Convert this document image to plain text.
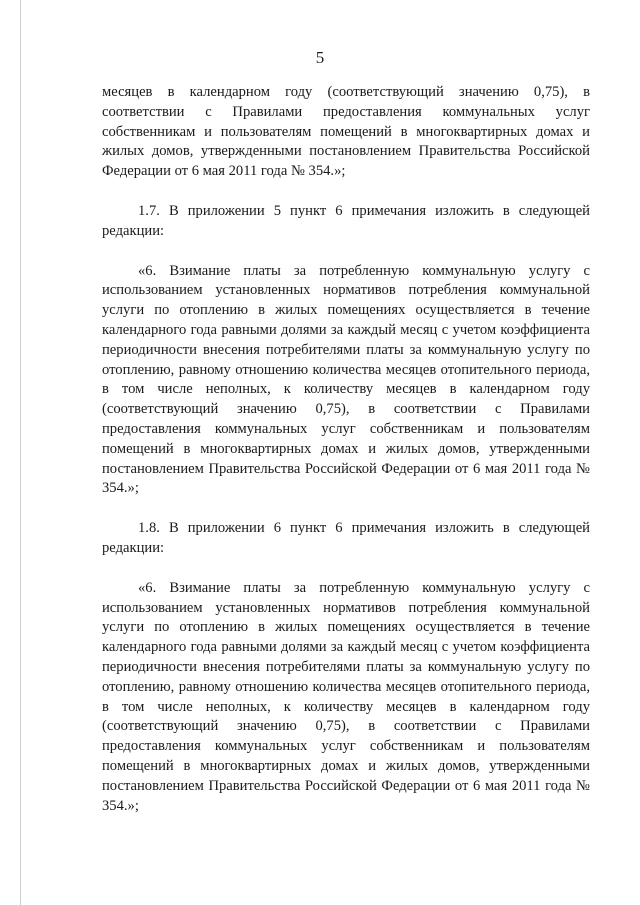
5

месяцев в календарном году (соответствующий значению 0,75), в соответствии с Правилами предоставления коммунальных услуг собственникам и пользователям помещений в многоквартирных домах и жилых домов, утвержденными постановлением Правительства Российской Федерации от 6 мая 2011 года № 354.»;

1.7. В приложении 5 пункт 6 примечания изложить в следующей редакции:

«6. Взимание платы за потребленную коммунальную услугу с использованием установленных нормативов потребления коммунальной услуги по отоплению в жилых помещениях осуществляется в течение календарного года равными долями за каждый месяц с учетом коэффициента периодичности внесения потребителями платы за коммунальную услугу по отоплению, равному отношению количества месяцев отопительного периода, в том числе неполных, к количеству месяцев в календарном году (соответствующий значению 0,75), в соответствии с Правилами предоставления коммунальных услуг собственникам и пользователям помещений в многоквартирных домах и жилых домов, утвержденными постановлением Правительства Российской Федерации от 6 мая 2011 года № 354.»;

1.8. В приложении 6 пункт 6 примечания изложить в следующей редакции:

«6. Взимание платы за потребленную коммунальную услугу с использованием установленных нормативов потребления коммунальной услуги по отоплению в жилых помещениях осуществляется в течение календарного года равными долями за каждый месяц с учетом коэффициента периодичности внесения потребителями платы за коммунальную услугу по отоплению, равному отношению количества месяцев отопительного периода, в том числе неполных, к количеству месяцев в календарном году (соответствующий значению 0,75), в соответствии с Правилами предоставления коммунальных услуг собственникам и пользователям помещений в многоквартирных домах и жилых домов, утвержденными постановлением Правительства Российской Федерации от 6 мая 2011 года № 354.»;
